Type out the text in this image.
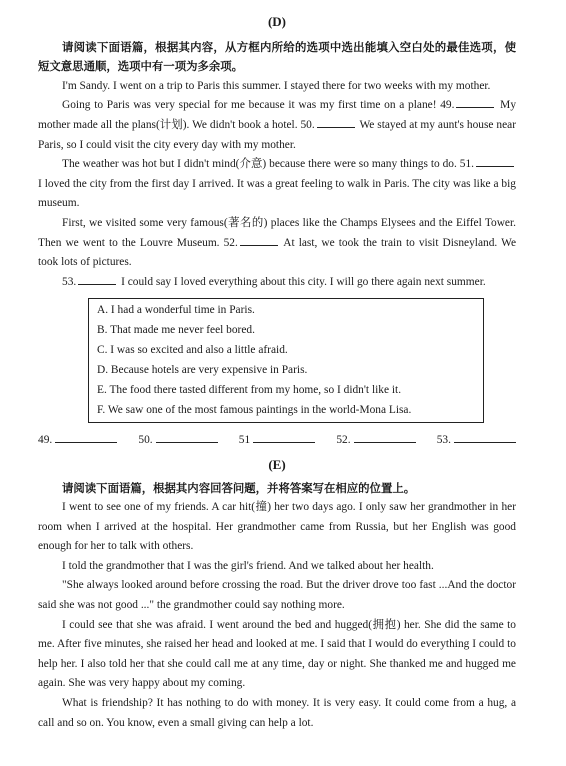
(D)

请阅读下面语篇，根据其内容，从方框内所给的选项中选出能填入空白处的最佳选项，使短文意思通顺，选项中有一项为多余项。

I'm Sandy. I went on a trip to Paris this summer. I stayed there for two weeks with my mother.

Going to Paris was very special for me because it was my first time on a plane! 49.	My mother made all the plans(计划). We didn't book a hotel. 50.	We stayed at my aunt's house near Paris, so I could visit the city every day with my mother.

The weather was hot but I didn't mind(介意) because there were so many things to do. 51. I loved the city from the first day I arrived. It was a great feeling to walk in Paris. The city was like a big museum.

First, we visited some very famous(著名的) places like the Champs Elysees and the Eiffel Tower. Then we went to the Louvre Museum. 52.	At last, we took the train to visit Disneyland. We took lots of pictures.

53.	I could say I loved everything about this city. I will go there again next summer.

A. I had a wonderful time in Paris.
B. That made me never feel bored.
C. I was so excited and also a little afraid.
D. Because hotels are very expensive in Paris.
E. The food there tasted different from my home, so I didn't like it.
F. We saw one of the most famous paintings in the world-Mona Lisa.
49.	50.	51	52.	53.
(E)

请阅读下面语篇，根据其内容回答问题，并将答案写在相应的位置上。

I went to see one of my friends. A car hit(撞) her two days ago. I only saw her grandmother in her room when I arrived at the hospital. Her grandmother came from Russia, but her English was good enough for her to talk with others.

I told the grandmother that I was the girl's friend. And we talked about her health.

"She always looked around before crossing the road. But the driver drove too fast ...And the doctor said she was not good ..." the grandmother could say nothing more.

I could see that she was afraid. I went around the bed and hugged(拥抱) her. She did the same to me. After five minutes, she raised her head and looked at me. I said that I would do everything I could to help her. I also told her that she could call me at any time, day or night. She thanked me and hugged me again. She was very happy about my coming.

What is friendship? It has nothing to do with money. It is very easy. It could come from a hug, a call and so on. You know, even a small giving can help a lot.
